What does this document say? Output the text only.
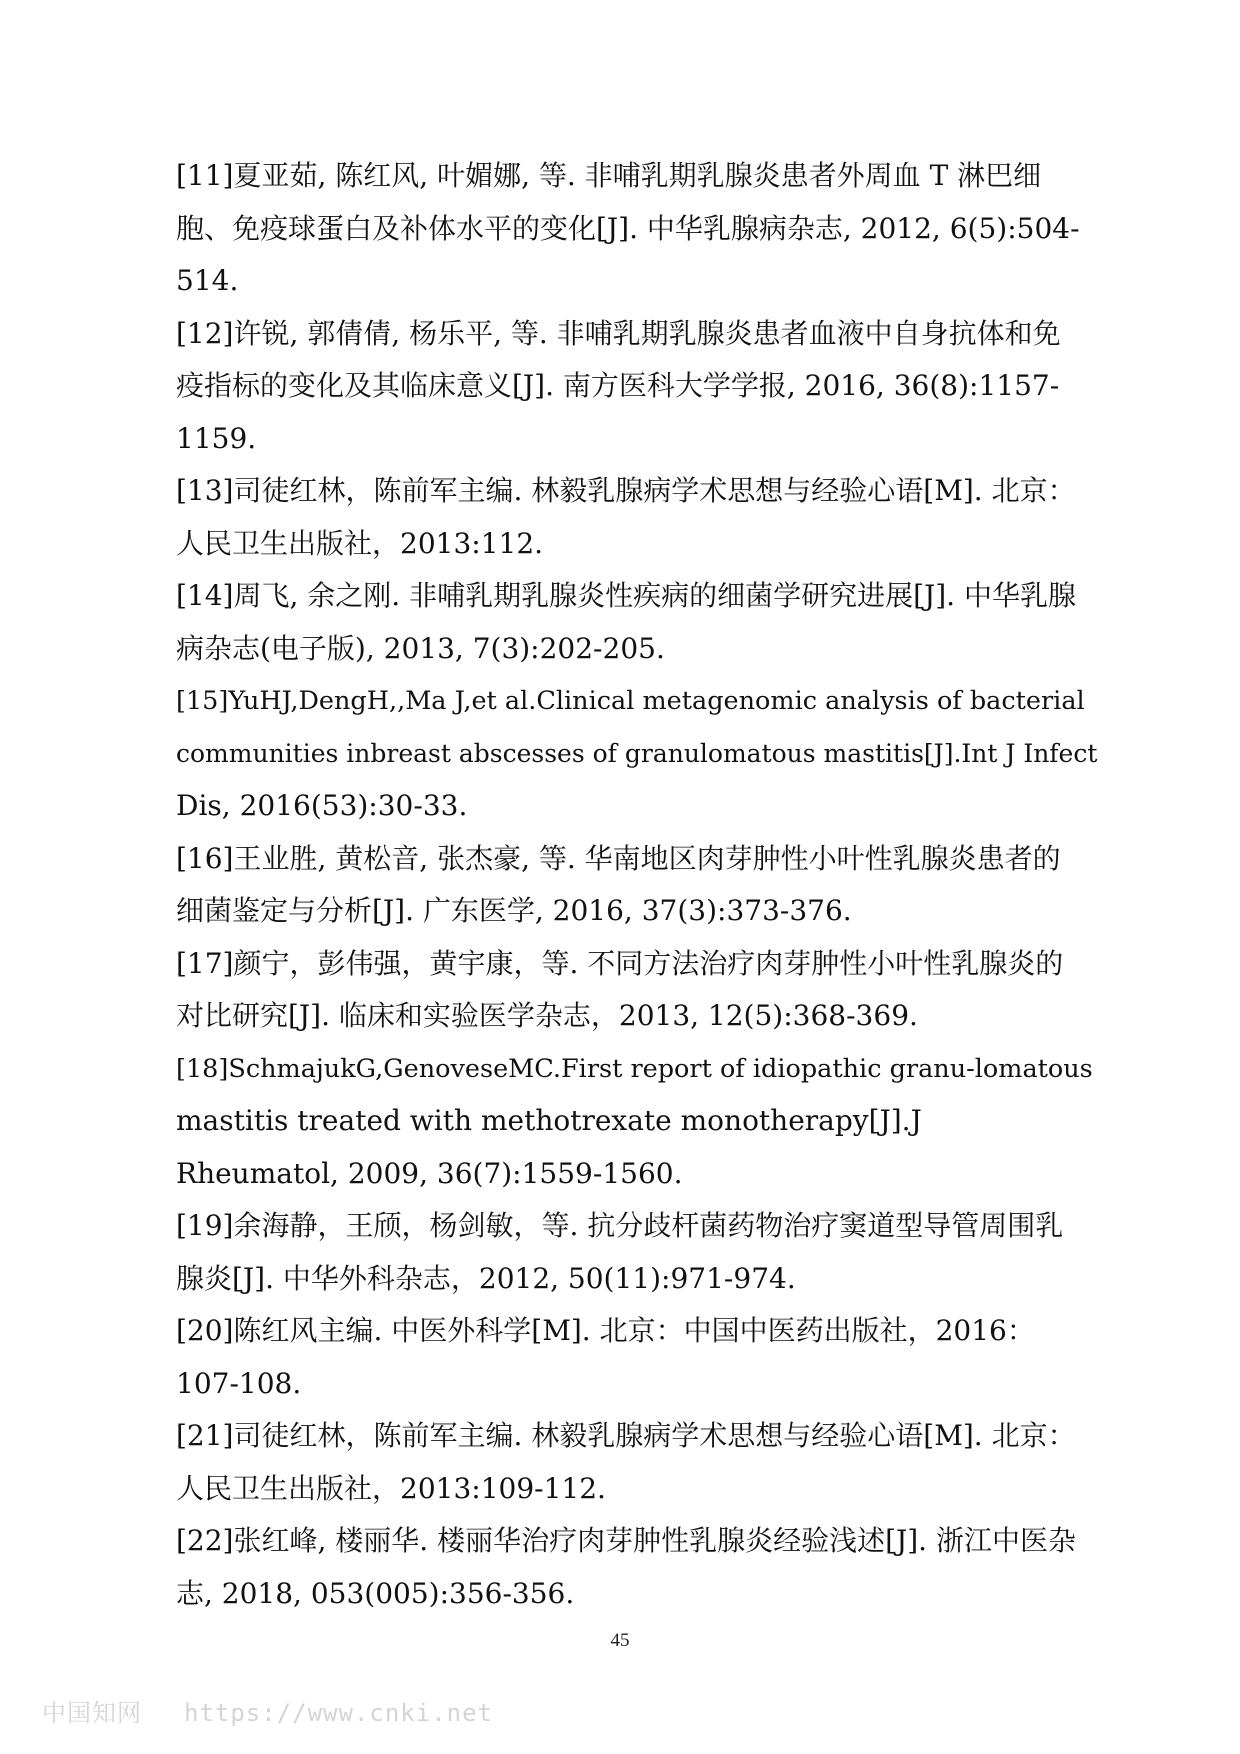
[11]夏亚茹, 陈红风, 叶媚娜, 等. 非哺乳期乳腺炎患者外周血 T 淋巴细
胞、免疫球蛋白及补体水平的变化[J]. 中华乳腺病杂志, 2012, 6(5):504-
514.
[12]许锐, 郭倩倩, 杨乐平, 等. 非哺乳期乳腺炎患者血液中自身抗体和免
疫指标的变化及其临床意义[J]. 南方医科大学学报, 2016, 36(8):1157-
1159.
[13]司徒红林，陈前军主编. 林毅乳腺病学术思想与经验心语[M]. 北京：
人民卫生出版社，2013:112.
[14]周飞, 余之刚. 非哺乳期乳腺炎性疾病的细菌学研究进展[J]. 中华乳腺
病杂志(电子版), 2013, 7(3):202-205.
[15]YuHJ,DengH,,Ma J,et al.Clinical metagenomic analysis of bacterial
communities inbreast abscesses of granulomatous mastitis[J].Int J Infect
Dis, 2016(53):30-33.
[16]王业胜, 黄松音, 张杰豪, 等. 华南地区肉芽肿性小叶性乳腺炎患者的
细菌鉴定与分析[J]. 广东医学, 2016, 37(3):373-376.
[17]颜宁，彭伟强，黄宇康，等. 不同方法治疗肉芽肿性小叶性乳腺炎的
对比研究[J]. 临床和实验医学杂志，2013, 12(5):368-369.
[18]SchmajukG,GenoveseMC.First report of idiopathic granu-lomatous
mastitis treated with methotrexate monotherapy[J].J
Rheumatol, 2009, 36(7):1559-1560.
[19]余海静，王颀，杨剑敏，等. 抗分歧杆菌药物治疗窦道型导管周围乳
腺炎[J]. 中华外科杂志，2012, 50(11):971-974.
[20]陈红风主编. 中医外科学[M]. 北京：中国中医药出版社，2016：
107-108.
[21]司徒红林，陈前军主编. 林毅乳腺病学术思想与经验心语[M]. 北京：
人民卫生出版社，2013:109-112.
[22]张红峰, 楼丽华. 楼丽华治疗肉芽肿性乳腺炎经验浅述[J]. 浙江中医杂
志, 2018, 053(005):356-356.
45
中国知网 https://www.cnki.net
